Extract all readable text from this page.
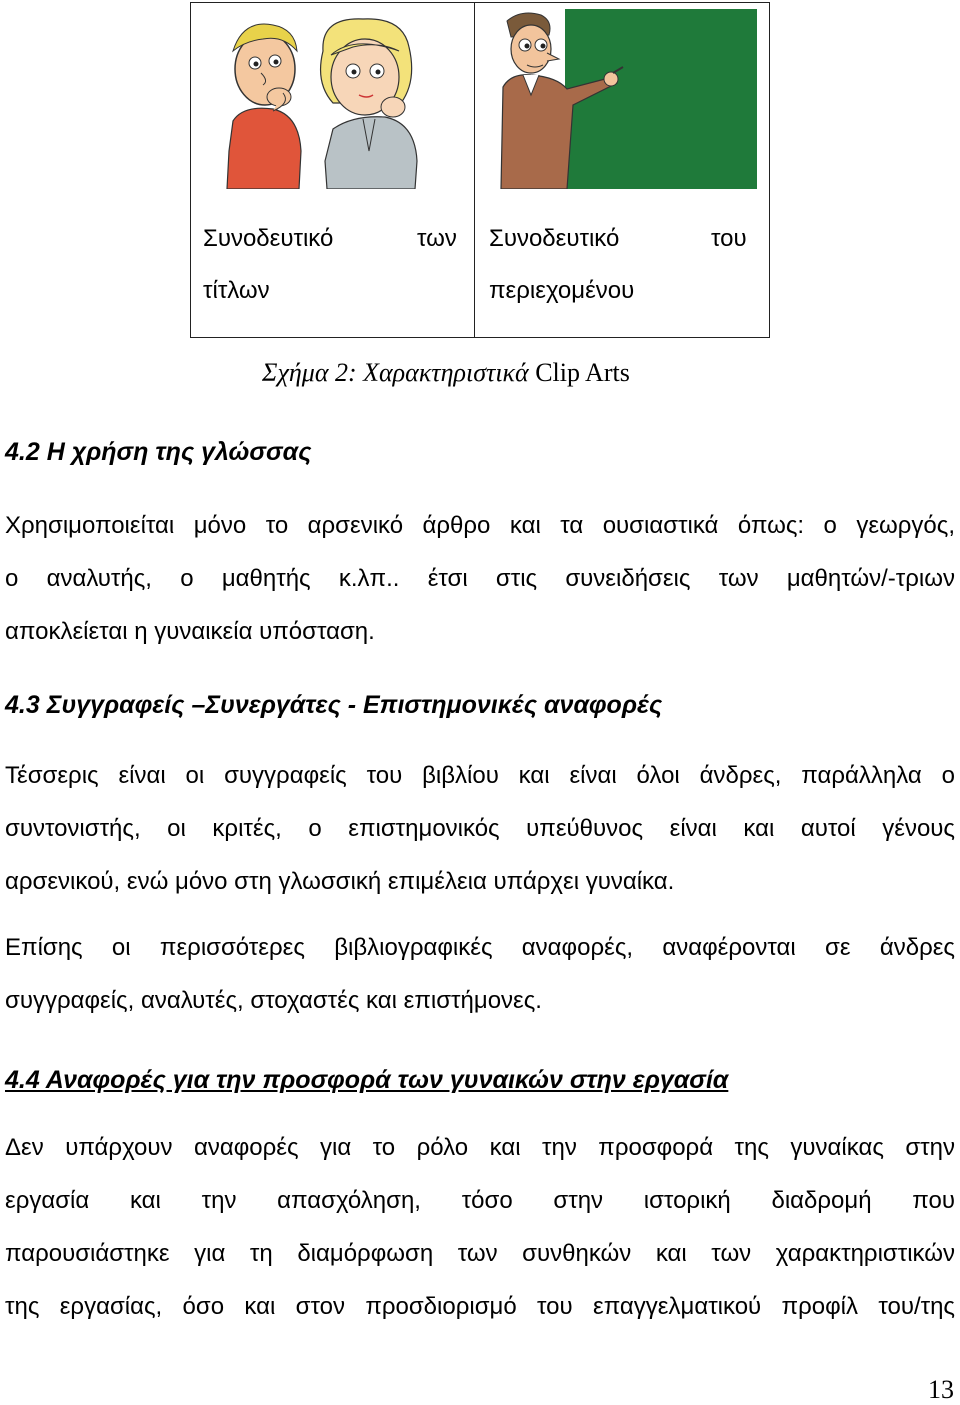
Συνοδευτικό	των
τίτλων
Συνοδευτικό	του
περιεχομένου
Σχήμα 2: Χαρακτηριστικά Clip Arts
4.2 Η χρήση της γλώσσας
Χρησιμοποιείται μόνο το αρσενικό άρθρο και τα ουσιαστικά όπως: ο γεωργός,
ο αναλυτής, ο μαθητής κ.λπ.. έτσι στις συνειδήσεις των μαθητών/-τριων
αποκλείεται η γυναικεία υπόσταση.
4.3 Συγγραφείς –Συνεργάτες - Επιστημονικές αναφορές
Τέσσερις είναι οι συγγραφείς του βιβλίου και είναι όλοι άνδρες, παράλληλα ο
συντονιστής, οι κριτές, ο επιστημονικός υπεύθυνος είναι και αυτοί γένους
αρσενικού, ενώ μόνο στη γλωσσική επιμέλεια υπάρχει γυναίκα.
Επίσης οι περισσότερες βιβλιογραφικές αναφορές, αναφέρονται σε άνδρες
συγγραφείς, αναλυτές, στοχαστές και επιστήμονες.
4.4 Αναφορές για την προσφορά των γυναικών στην εργασία
Δεν υπάρχουν αναφορές για το ρόλο και την προσφορά της γυναίκας στην
εργασία και την απασχόληση, τόσο στην ιστορική διαδρομή που
παρουσιάστηκε για τη διαμόρφωση των συνθηκών και των χαρακτηριστικών
της εργασίας, όσο και στον προσδιορισμό του επαγγελματικού προφίλ του/της
13
